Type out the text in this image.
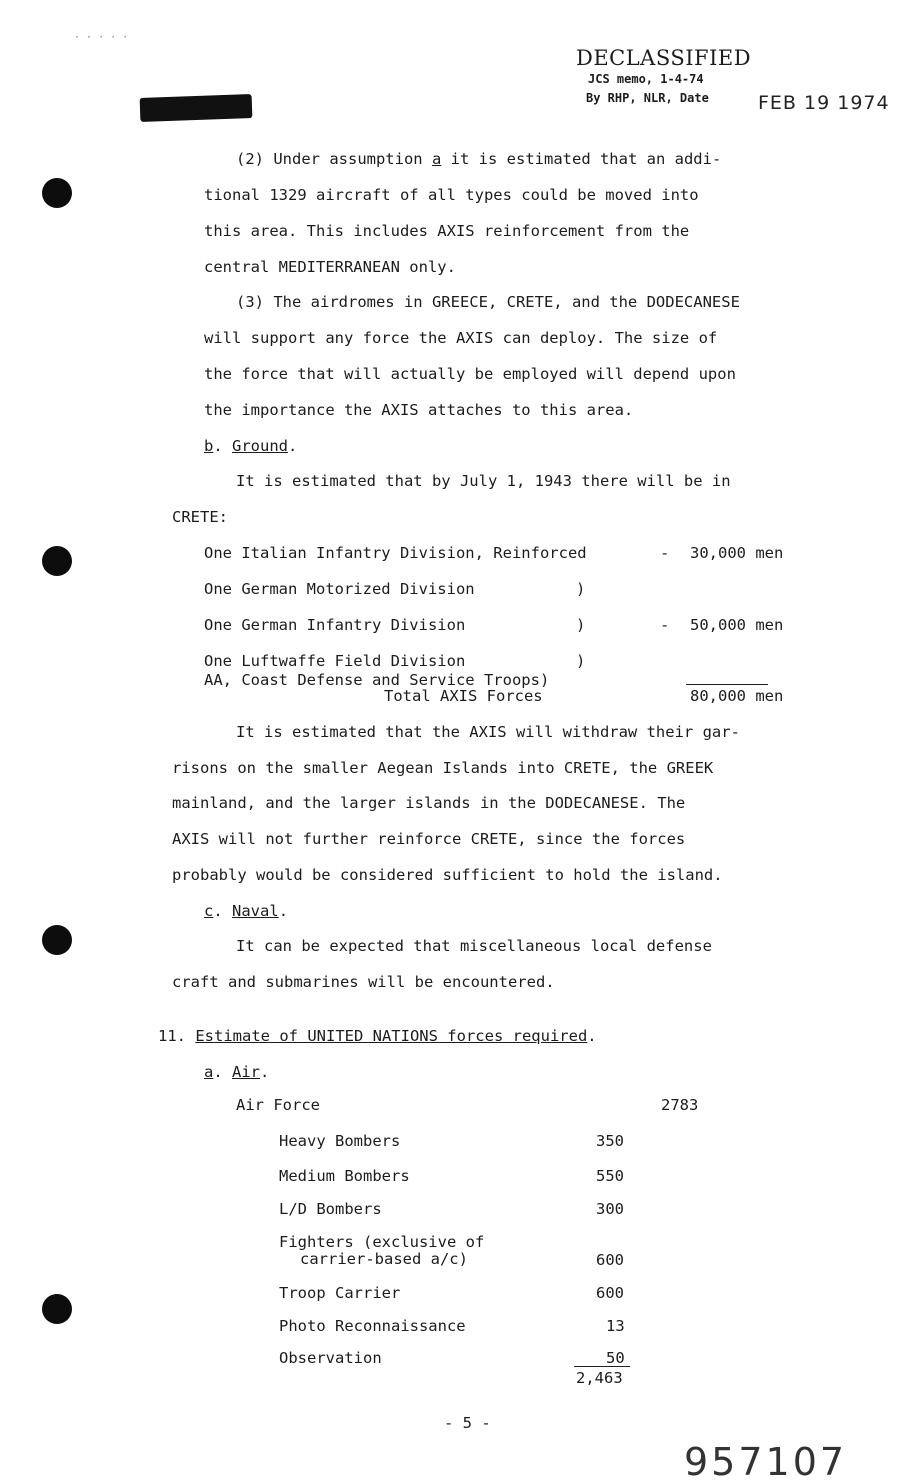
· · · · ·
DECLASSIFIED
JCS memo, 1-4-74
By RHP, NLR, Date	FEB 19 1974
S___T
(2) Under assumption a it is estimated that an addi-
tional 1329 aircraft of all types could be moved into
this area. This includes AXIS reinforcement from the
central MEDITERRANEAN only.
(3) The airdromes in GREECE, CRETE, and the DODECANESE
will support any force the AXIS can deploy. The size of
the force that will actually be employed will depend upon
the importance the AXIS attaches to this area.
b. Ground.
It is estimated that by July 1, 1943 there will be in
CRETE:
One Italian Infantry Division, Reinforced	- 30,000 men
One German Motorized Division	)
One German Infantry Division	)	- 50,000 men
One Luftwaffe Field Division	)
AA, Coast Defense and Service Troops)
Total AXIS Forces	80,000 men
It is estimated that the AXIS will withdraw their gar-
risons on the smaller Aegean Islands into CRETE, the GREEK
mainland, and the larger islands in the DODECANESE. The
AXIS will not further reinforce CRETE, since the forces
probably would be considered sufficient to hold the island.
c. Naval.
It can be expected that miscellaneous local defense
craft and submarines will be encountered.
11. Estimate of UNITED NATIONS forces required.
a. Air.
Air Force	2783
Heavy Bombers	350
Medium Bombers	550
L/D Bombers	300
Fighters (exclusive of
carrier-based a/c)	600
Troop Carrier	600
Photo Reconnaissance	13
Observation	50
2,463
- 5 -
957107
